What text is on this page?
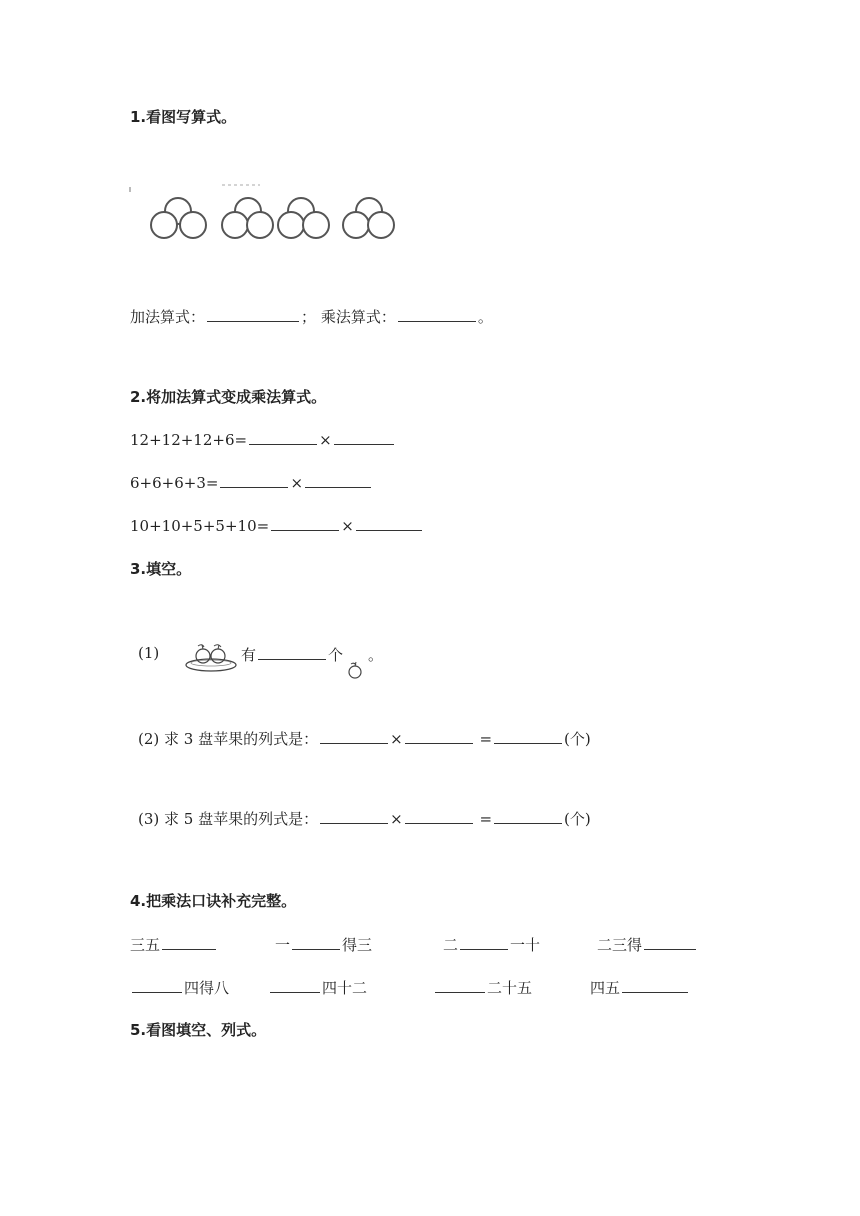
1.看图写算式。
加法算式：	； 乘法算式：	。
2.将加法算式变成乘法算式。
12+12+12+6=	×
6+6+6+3=	×
10+10+5+5+10=	×
3.填空。
(1)	有	个 。
(2) 求 3 盘苹果的列式是：	×	=	(个)
(3) 求 5 盘苹果的列式是：	×	=	(个)
4.把乘法口诀补充完整。
三五	一	得三	二	一十	二三得
四得八	四十二	二十五	四五
5.看图填空、列式。
